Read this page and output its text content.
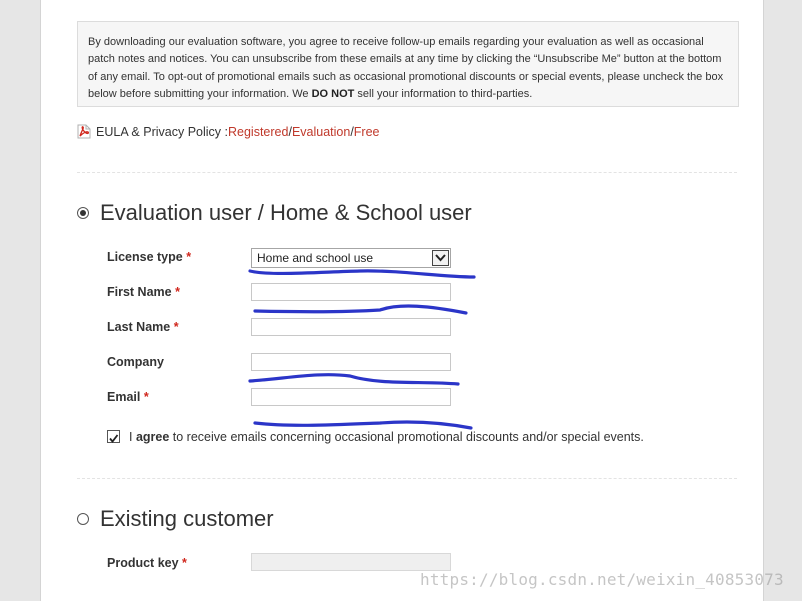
By downloading our evaluation software, you agree to receive follow-up emails regarding your evaluation as well as occasional patch notes and notices. You can unsubscribe from these emails at any time by clicking the “Unsubscribe Me” button at the bottom of any email. To opt-out of promotional emails such as occasional promotional discounts or special events, please uncheck the box below before submitting your information. We DO NOT sell your information to third-parties.
EULA & Privacy Policy : Registered / Evaluation / Free
Evaluation user / Home & School user
License type *	Home and school use
First Name *
Last Name *
Company
Email *
I agree to receive emails concerning occasional promotional discounts and/or special events.
Existing customer
Product key *
https://blog.csdn.net/weixin_40853073
